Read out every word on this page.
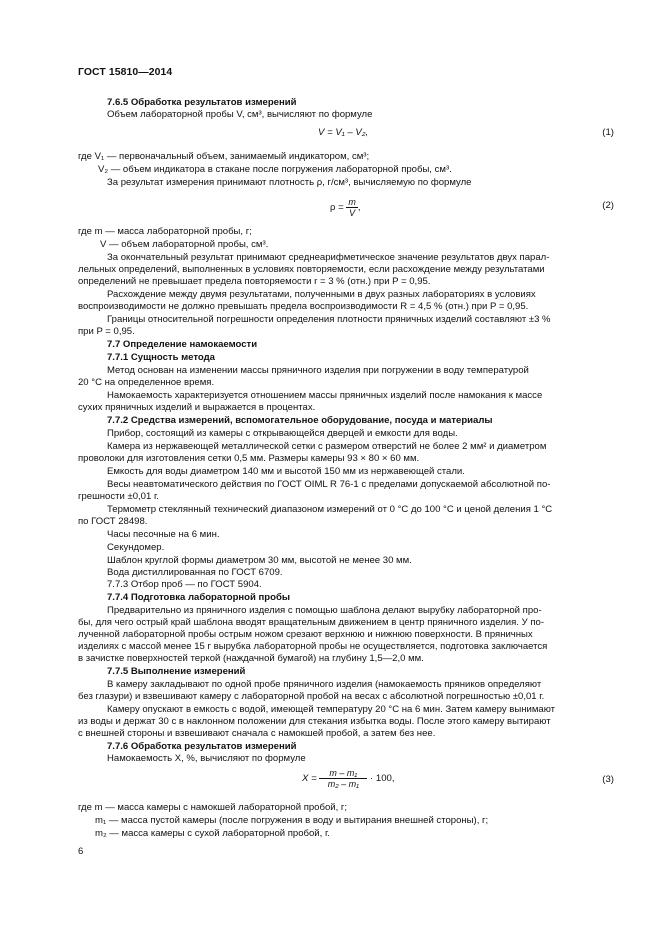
ГОСТ 15810—2014
7.6.5 Обработка результатов измерений
Объем лабораторной пробы V, см³, вычисляют по формуле
V = V₁ – V₂,	(1)
где V₁ — первоначальный объем, занимаемый индикатором, см³;
V₂ — объем индикатора в стакане после погружения лабораторной пробы, см³.
За результат измерения принимают плотность ρ, г/см³, вычисляемую по формуле
$\rho = \frac{m}{V}$ ,	(2)
где m — масса лабораторной пробы, г;
V — объем лабораторной пробы, см³.
За окончательный результат принимают среднеарифметическое значение результатов двух парал-
лельных определений, выполненных в условиях повторяемости, если расхождение между результатами
определений не превышает предела повторяемости r = 3 % (отн.) при P = 0,95.
Расхождение между двумя результатами, полученными в двух разных лабораториях в условиях
воспроизводимости не должно превышать предела воспроизводимости R = 4,5 % (отн.) при P = 0,95.
Границы относительной погрешности определения плотности пряничных изделий составляют ±3 %
при P = 0,95.
7.7 Определение намокаемости
7.7.1 Сущность метода
Метод основан на изменении массы пряничного изделия при погружении в воду температурой
20 °C на определенное время.
Намокаемость характеризуется отношением массы пряничных изделий после намокания к массе
сухих пряничных изделий и выражается в процентах.
7.7.2 Средства измерений, вспомогательное оборудование, посуда и материалы
Прибор, состоящий из камеры с открывающейся дверцей и емкости для воды.
Камера из нержавеющей металлической сетки с размером отверстий не более 2 мм² и диаметром
проволоки для изготовления сетки 0,5 мм. Размеры камеры 93 × 80 × 60 мм.
Емкость для воды диаметром 140 мм и высотой 150 мм из нержавеющей стали.
Весы неавтоматического действия по ГОСТ OIML R 76-1 с пределами допускаемой абсолютной по-
грешности ±0,01 г.
Термометр стеклянный технический диапазоном измерений от 0 °C до 100 °C и ценой деления 1 °C
по ГОСТ 28498.
Часы песочные на 6 мин.
Секундомер.
Шаблон круглой формы диаметром 30 мм, высотой не менее 30 мм.
Вода дистиллированная по ГОСТ 6709.
7.7.3 Отбор проб — по ГОСТ 5904.
7.7.4 Подготовка лабораторной пробы
Предварительно из пряничного изделия с помощью шаблона делают вырубку лабораторной про-
бы, для чего острый край шаблона вводят вращательным движением в центр пряничного изделия. У по-
лученной лабораторной пробы острым ножом срезают верхнюю и нижнюю поверхности. В пряничных
изделиях с массой менее 15 г вырубка лабораторной пробы не осуществляется, подготовка заключается
в зачистке поверхностей теркой (наждачной бумагой) на глубину 1,5—2,0 мм.
7.7.5 Выполнение измерений
В камеру закладывают по одной пробе пряничного изделия (намокаемость пряников определяют
без глазури) и взвешивают камеру с лабораторной пробой на весах с абсолютной погрешностью ±0,01 г.
Камеру опускают в емкость с водой, имеющей температуру 20 °C на 6 мин. Затем камеру вынимают
из воды и держат 30 с в наклонном положении для стекания избытка воды. После этого камеру вытирают
с внешней стороны и взвешивают сначала с намокшей пробой, а затем без нее.
7.7.6 Обработка результатов измерений
Намокаемость X, %, вычисляют по формуле
$X = \frac{\text{m – m₁}}{\text{m₂ – m₁}} \cdot 100$,	(3)
где m — масса камеры с намокшей лабораторной пробой, г;
m₁ — масса пустой камеры (после погружения в воду и вытирания внешней стороны), г;
m₂ — масса камеры с сухой лабораторной пробой, г.
6
